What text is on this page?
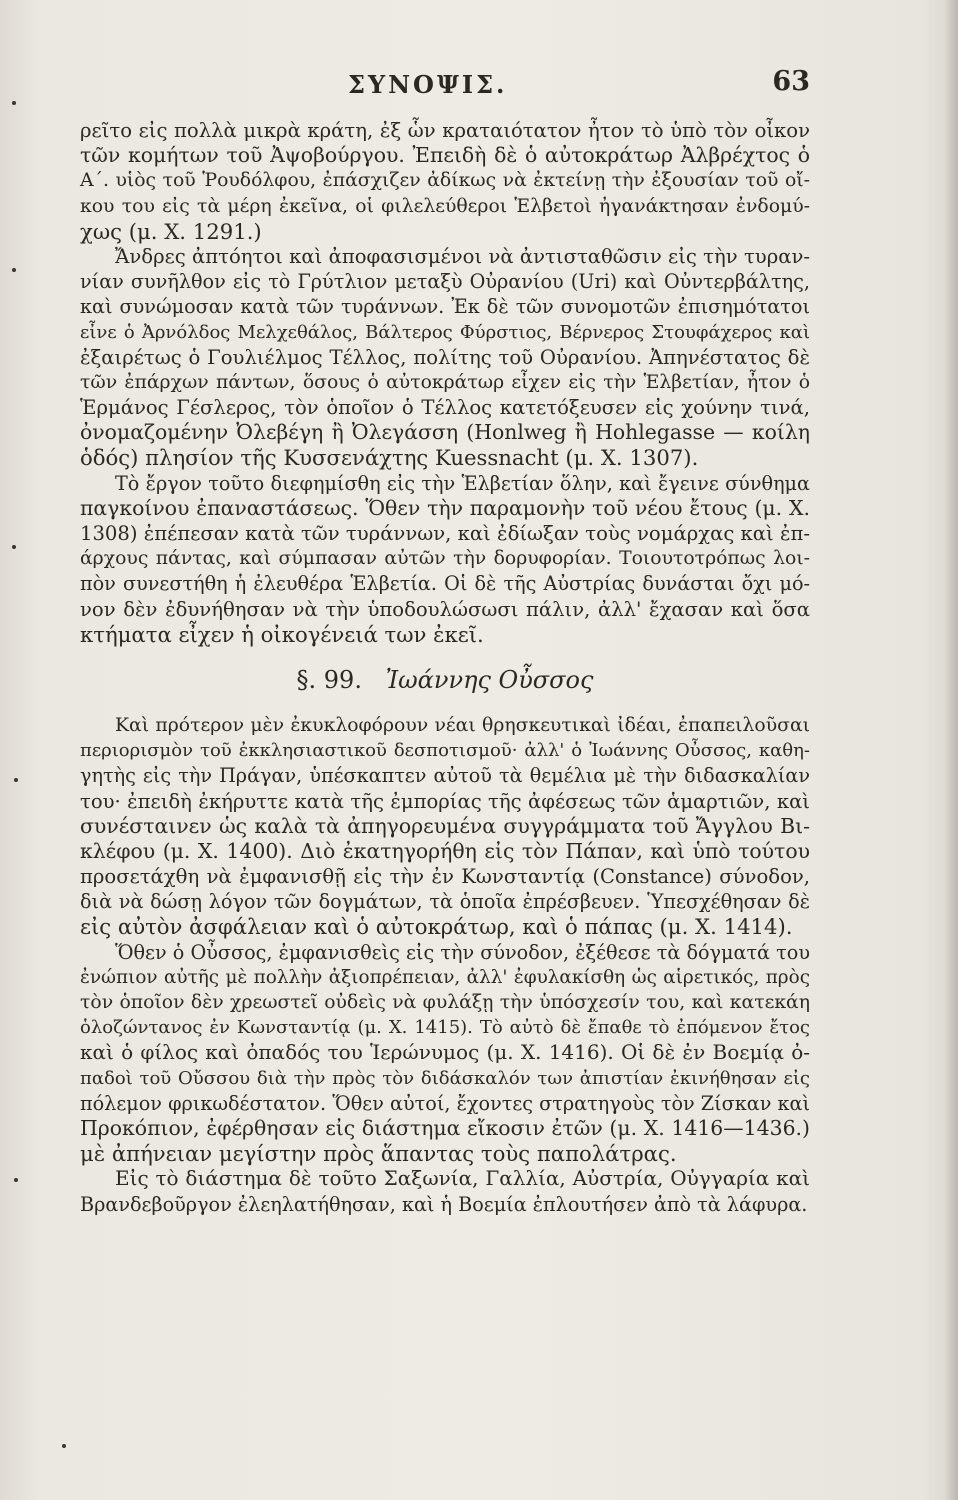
ΣΥΝΟΨΙΣ.	63
ρεῖτο εἰς πολλὰ μικρὰ κράτη, ἐξ ὧν κραταιότατον ἦτον τὸ ὑπὸ τὸν οἶκον
τῶν κομήτων τοῦ Ἀψοβούργου. Ἐπειδὴ δὲ ὁ αὐτοκράτωρ Ἀλβρέχτος ὁ
Α΄. υἱὸς τοῦ Ῥουδόλφου, ἐπάσχιζεν ἀδίκως νὰ ἐκτείνῃ τὴν ἐξουσίαν τοῦ οἴ-
κου του εἰς τὰ μέρη ἐκεῖνα, οἱ φιλελεύθεροι Ἑλβετοὶ ἠγανάκτησαν ἐνδομύ-
χως (μ. Χ. 1291.)
Ἄνδρες ἀπτόητοι καὶ ἀποφασισμένοι νὰ ἀντισταθῶσιν εἰς τὴν τυραν-
νίαν συνῆλθον εἰς τὸ Γρύτλιον μεταξὺ Οὐρανίου (Uri) καὶ Οὐντερβάλτης,
καὶ συνώμοσαν κατὰ τῶν τυράννων. Ἐκ δὲ τῶν συνομοτῶν ἐπισημότατοι
εἶνε ὁ Ἀρνόλδος Μελχεθάλος, Βάλτερος Φύρστιος, Βέρνερος Στουφάχερος καὶ
ἐξαιρέτως ὁ Γουλιέλμος Τέλλος, πολίτης τοῦ Οὐρανίου. Ἀπηνέστατος δὲ
τῶν ἐπάρχων πάντων, ὅσους ὁ αὐτοκράτωρ εἶχεν εἰς τὴν Ἑλβετίαν, ἦτον ὁ
Ἑρμάνος Γέσλερος, τὸν ὁποῖον ὁ Τέλλος κατετόξευσεν εἰς χούνην τινά,
ὀνομαζομένην Ὀλεβέγη ἢ Ὀλεγάσση (Honlweg ἢ Hohlegasse — κοίλη
ὁδός) πλησίον τῆς Κυσσενάχτης Kuessnacht (μ. Χ. 1307).
Τὸ ἔργον τοῦτο διεφημίσθη εἰς τὴν Ἑλβετίαν ὅλην, καὶ ἔγεινε σύνθημα
παγκοίνου ἐπαναστάσεως. Ὅθεν τὴν παραμονὴν τοῦ νέου ἔτους (μ. Χ.
1308) ἐπέπεσαν κατὰ τῶν τυράννων, καὶ ἐδίωξαν τοὺς νομάρχας καὶ ἐπ-
άρχους πάντας, καὶ σύμπασαν αὐτῶν τὴν δορυφορίαν. Τοιουτοτρόπως λοι-
πὸν συνεστήθη ἡ ἐλευθέρα Ἑλβετία. Οἱ δὲ τῆς Αὐστρίας δυνάσται ὄχι μό-
νον δὲν ἐδυνήθησαν νὰ τὴν ὑποδουλώσωσι πάλιν, ἀλλ' ἔχασαν καὶ ὅσα
κτήματα εἶχεν ἡ οἰκογένειά των ἐκεῖ.
§. 99. Ἰωάννης Οὖσσος
Καὶ πρότερον μὲν ἐκυκλοφόρουν νέαι θρησκευτικαὶ ἰδέαι, ἐπαπειλοῦσαι
περιορισμὸν τοῦ ἐκκλησιαστικοῦ δεσποτισμοῦ· ἀλλ' ὁ Ἰωάννης Οὖσσος, καθη-
γητὴς εἰς τὴν Πράγαν, ὑπέσκαπτεν αὐτοῦ τὰ θεμέλια μὲ τὴν διδασκαλίαν
του· ἐπειδὴ ἐκήρυττε κατὰ τῆς ἐμπορίας τῆς ἀφέσεως τῶν ἁμαρτιῶν, καὶ
συνέσταινεν ὡς καλὰ τὰ ἀπηγορευμένα συγγράμματα τοῦ Ἄγγλου Βι-
κλέφου (μ. Χ. 1400). Διὸ ἐκατηγορήθη εἰς τὸν Πάπαν, καὶ ὑπὸ τούτου
προσετάχθη νὰ ἐμφανισθῇ εἰς τὴν ἐν Κωνσταντίᾳ (Constance) σύνοδον,
διὰ νὰ δώσῃ λόγον τῶν δογμάτων, τὰ ὁποῖα ἐπρέσβευεν. Ὑπεσχέθησαν δὲ
εἰς αὐτὸν ἀσφάλειαν καὶ ὁ αὐτοκράτωρ, καὶ ὁ πάπας (μ. Χ. 1414).
Ὅθεν ὁ Οὖσσος, ἐμφανισθεὶς εἰς τὴν σύνοδον, ἐξέθεσε τὰ δόγματά του
ἐνώπιον αὐτῆς μὲ πολλὴν ἀξιοπρέπειαν, ἀλλ' ἐφυλακίσθη ὡς αἱρετικός, πρὸς
τὸν ὁποῖον δὲν χρεωστεῖ οὐδεὶς νὰ φυλάξῃ τὴν ὑπόσχεσίν του, καὶ κατεκάη
ὁλοζώντανος ἐν Κωνσταντίᾳ (μ. Χ. 1415). Τὸ αὐτὸ δὲ ἔπαθε τὸ ἐπόμενον ἔτος
καὶ ὁ φίλος καὶ ὀπαδός του Ἱερώνυμος (μ. Χ. 1416). Οἱ δὲ ἐν Βοεμίᾳ ὀ-
παδοὶ τοῦ Οὔσσου διὰ τὴν πρὸς τὸν διδάσκαλόν των ἀπιστίαν ἐκινήθησαν εἰς
πόλεμον φρικωδέστατον. Ὅθεν αὐτοί, ἔχοντες στρατηγοὺς τὸν Ζίσκαν καὶ
Προκόπιον, ἐφέρθησαν εἰς διάστημα εἴκοσιν ἐτῶν (μ. Χ. 1416—1436.)
μὲ ἀπήνειαν μεγίστην πρὸς ἅπαντας τοὺς παπολάτρας.
Εἰς τὸ διάστημα δὲ τοῦτο Σαξωνία, Γαλλία, Αὐστρία, Οὐγγαρία καὶ
Βρανδεβοῦργον ἐλεηλατήθησαν, καὶ ἡ Βοεμία ἐπλουτήσεν ἀπὸ τὰ λάφυρα.
